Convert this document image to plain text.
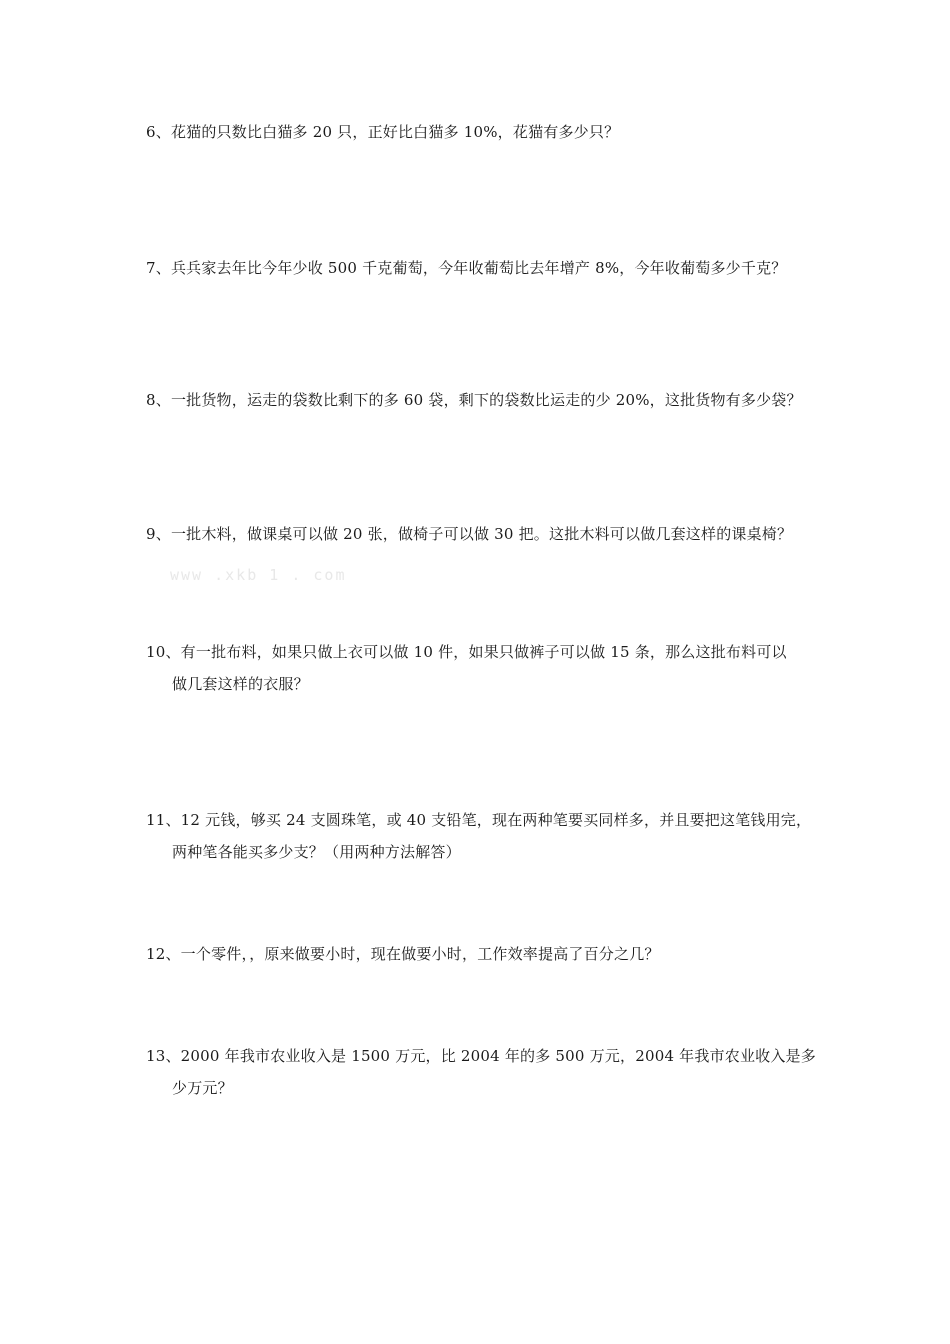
6、花猫的只数比白猫多 20 只，正好比白猫多 10%，花猫有多少只？
7、兵兵家去年比今年少收 500 千克葡萄，今年收葡萄比去年增产 8%，今年收葡萄多少千克？
8、一批货物，运走的袋数比剩下的多 60 袋，剩下的袋数比运走的少 20%，这批货物有多少袋？
9、一批木料，做课桌可以做 20 张，做椅子可以做 30 把。这批木料可以做几套这样的课桌椅？
www .xkb 1 . com
10、有一批布料，如果只做上衣可以做 10 件，如果只做裤子可以做 15 条，那么这批布料可以
做几套这样的衣服？
11、12 元钱，够买 24 支圆珠笔，或 40 支铅笔，现在两种笔要买同样多，并且要把这笔钱用完，
两种笔各能买多少支？（用两种方法解答）
12、一个零件，，原来做要小时，现在做要小时，工作效率提高了百分之几？
13、2000 年我市农业收入是 1500 万元，比 2004 年的多 500 万元，2004 年我市农业收入是多
少万元？
